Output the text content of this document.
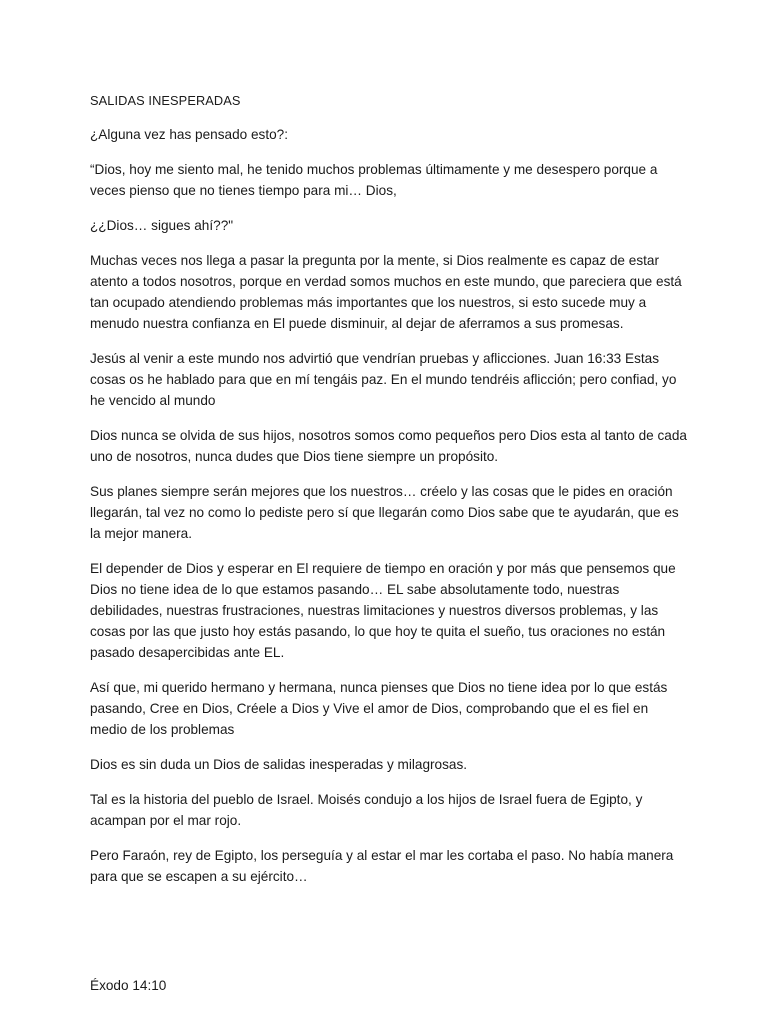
SALIDAS INESPERADAS

¿Alguna vez has pensado esto?:

“Dios, hoy me siento mal, he tenido muchos problemas últimamente y me desespero porque a veces pienso que no tienes tiempo para mi… Dios,

¿¿Dios… sigues ahí??"

Muchas veces nos llega a pasar la pregunta por la mente, si Dios realmente es capaz de estar atento a todos nosotros, porque en verdad somos muchos en este mundo, que pareciera que está tan ocupado atendiendo problemas más importantes que los nuestros, si esto sucede muy a menudo nuestra confianza en El puede disminuir, al dejar de aferramos a sus promesas.

Jesús al venir a este mundo nos advirtió que vendrían pruebas y aflicciones. Juan 16:33 Estas cosas os he hablado para que en mí tengáis paz. En el mundo tendréis aflicción; pero confiad, yo he vencido al mundo

Dios nunca se olvida de sus hijos, nosotros somos como pequeños pero Dios esta al tanto de cada uno de nosotros, nunca dudes que Dios tiene siempre un propósito.

Sus planes siempre serán mejores que los nuestros… créelo y las cosas que le pides en oración llegarán, tal vez no como lo pediste pero sí que llegarán como Dios sabe que te ayudarán, que es la mejor manera.

El depender de Dios y esperar en El requiere de tiempo en oración y por más que pensemos que Dios no tiene idea de lo que estamos pasando… EL sabe absolutamente todo, nuestras debilidades, nuestras frustraciones, nuestras limitaciones y nuestros diversos problemas, y las cosas por las que justo hoy estás pasando, lo que hoy te quita el sueño, tus oraciones no están pasado desapercibidas ante EL.

Así que, mi querido hermano y hermana, nunca pienses que Dios no tiene idea por lo que estás pasando, Cree en Dios, Créele a Dios y Vive el amor de Dios, comprobando que el es fiel en medio de los problemas

Dios es sin duda un Dios de salidas inesperadas y milagrosas.

Tal es la historia del pueblo de Israel. Moisés condujo a los hijos de Israel fuera de Egipto, y acampan por el mar rojo.

Pero Faraón, rey de Egipto, los perseguía y al estar el mar les cortaba el paso. No había manera para que se escapen a su ejército…

Éxodo 14:10
